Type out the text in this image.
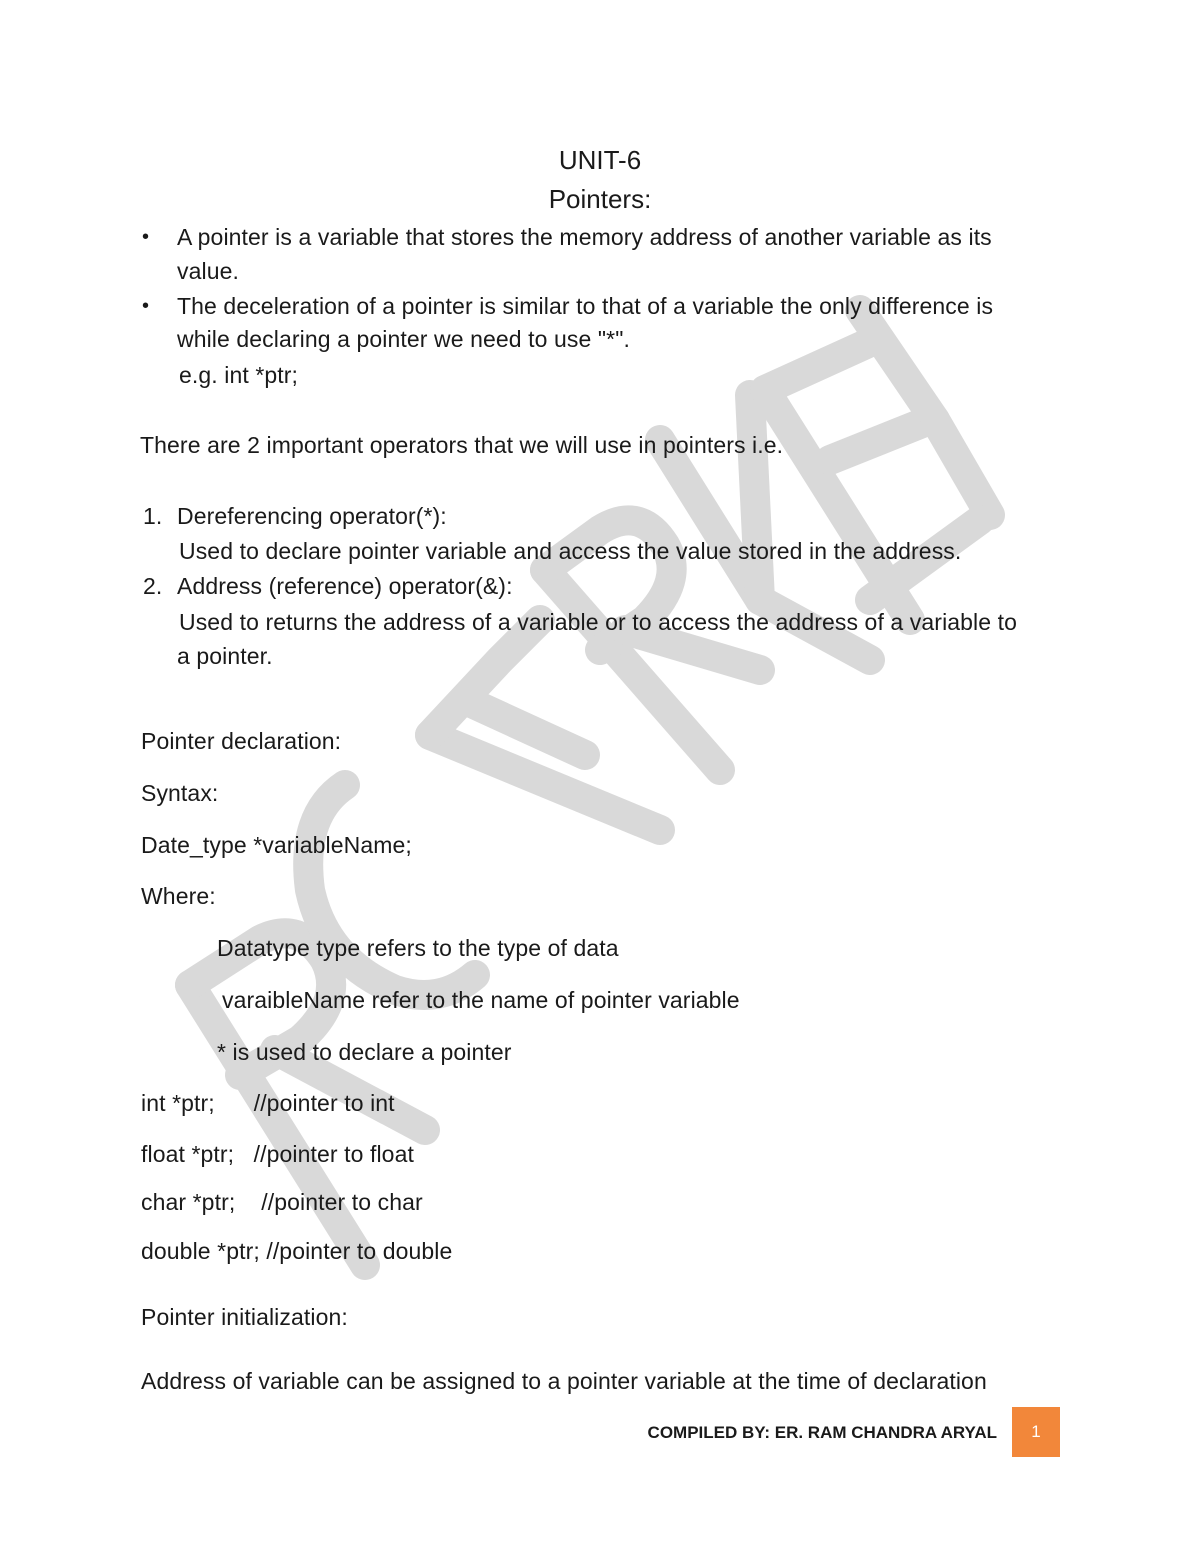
UNIT-6
Pointers:
• A pointer is a variable that stores the memory address of another variable as its
value.
• The deceleration of a pointer is similar to that of a variable the only difference is
while declaring a pointer we need to use "*".
e.g. int *ptr;
There are 2 important operators that we will use in pointers i.e.
1. Dereferencing operator(*):
Used to declare pointer variable and access the value stored in the address.
2. Address (reference) operator(&):
Used to returns the address of a variable or to access the address of a variable to
a pointer.
Pointer declaration:
Syntax:
Date_type *variableName;
Where:
Datatype type refers to the type of data
varaibleName refer to the name of pointer variable
* is used to declare a pointer
int *ptr;      //pointer to int
float *ptr;   //pointer to float
char *ptr;    //pointer to char
double *ptr; //pointer to double
Pointer initialization:
Address of variable can be assigned to a pointer variable at the time of declaration
COMPILED BY: ER. RAM CHANDRA ARYAL	1
